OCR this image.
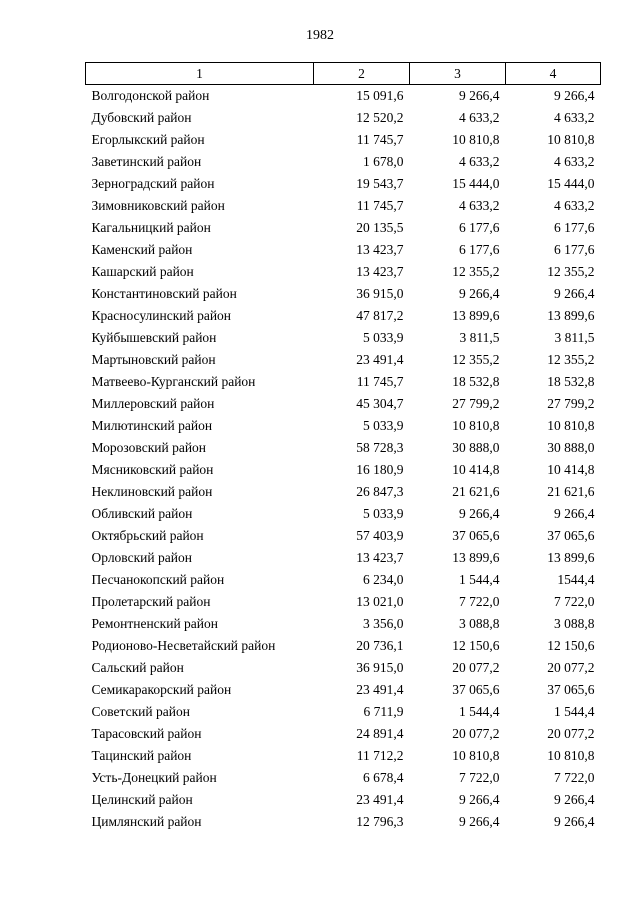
1982
1	2	3	4
Волгодонской район	15 091,6	9 266,4	9 266,4
Дубовский район	12 520,2	4 633,2	4 633,2
Егорлыкский район	11 745,7	10 810,8	10 810,8
Заветинский район	1 678,0	4 633,2	4 633,2
Зерноградский район	19 543,7	15 444,0	15 444,0
Зимовниковский район	11 745,7	4 633,2	4 633,2
Кагальницкий район	20 135,5	6 177,6	6 177,6
Каменский район	13 423,7	6 177,6	6 177,6
Кашарский район	13 423,7	12 355,2	12 355,2
Константиновский район	36 915,0	9 266,4	9 266,4
Красносулинский район	47 817,2	13 899,6	13 899,6
Куйбышевский район	5 033,9	3 811,5	3 811,5
Мартыновский район	23 491,4	12 355,2	12 355,2
Матвеево-Курганский район	11 745,7	18 532,8	18 532,8
Миллеровский район	45 304,7	27 799,2	27 799,2
Милютинский район	5 033,9	10 810,8	10 810,8
Морозовский район	58 728,3	30 888,0	30 888,0
Мясниковский район	16 180,9	10 414,8	10 414,8
Неклиновский район	26 847,3	21 621,6	21 621,6
Обливский район	5 033,9	9 266,4	9 266,4
Октябрьский район	57 403,9	37 065,6	37 065,6
Орловский район	13 423,7	13 899,6	13 899,6
Песчанокопский район	6 234,0	1 544,4	1544,4
Пролетарский район	13 021,0	7 722,0	7 722,0
Ремонтненский район	3 356,0	3 088,8	3 088,8
Родионово-Несветайский район	20 736,1	12 150,6	12 150,6
Сальский район	36 915,0	20 077,2	20 077,2
Семикаракорский район	23 491,4	37 065,6	37 065,6
Советский район	6 711,9	1 544,4	1 544,4
Тарасовский район	24 891,4	20 077,2	20 077,2
Тацинский район	11 712,2	10 810,8	10 810,8
Усть-Донецкий район	6 678,4	7 722,0	7 722,0
Целинский район	23 491,4	9 266,4	9 266,4
Цимлянский район	12 796,3	9 266,4	9 266,4
